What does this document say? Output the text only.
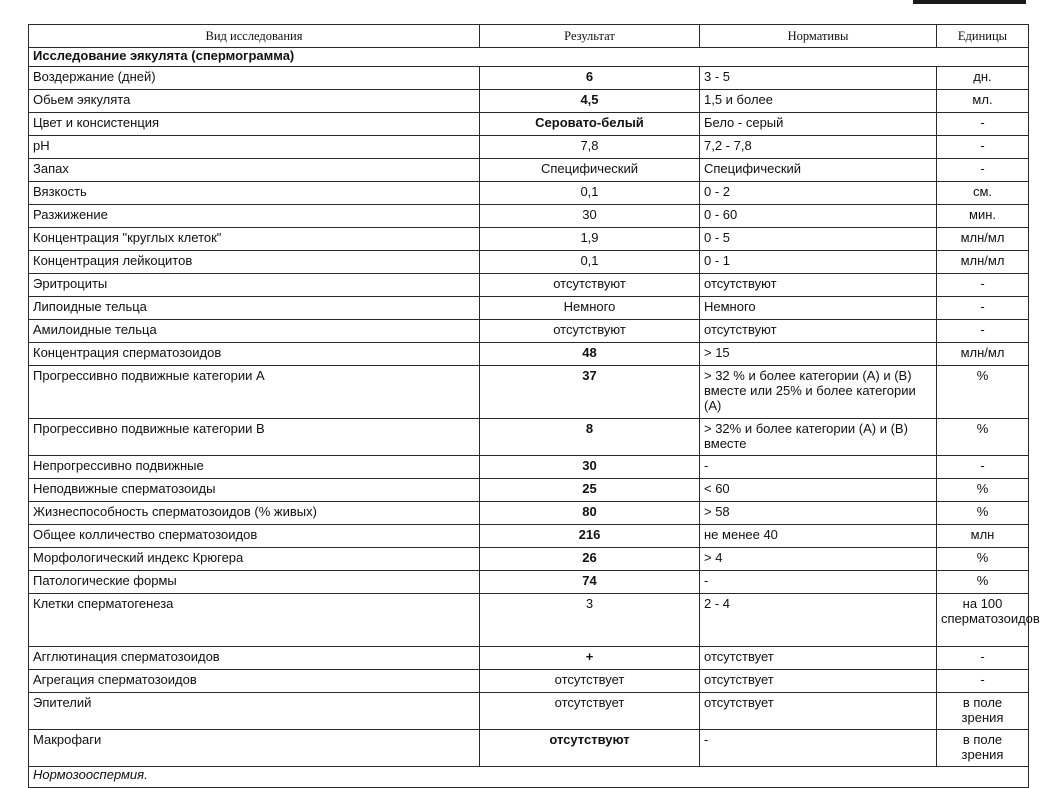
Вид исследования	Результат	Нормативы	Единицы
Исследование эякулята (спермограмма)			
Воздержание (дней)	6	3 - 5	дн.
Обьем эякулята	4,5	1,5 и более	мл.
Цвет и консистенция	Серовато-белый	Бело - серый	-
pH	7,8	7,2 - 7,8	-
Запах	Специфический	Специфический	-
Вязкость	0,1	0 - 2	см.
Разжижение	30	0 - 60	мин.
Концентрация "круглых клеток"	1,9	0 - 5	млн/мл
Концентрация лейкоцитов	0,1	0 - 1	млн/мл
Эритроциты	отсутствуют	отсутствуют	-
Липоидные тельца	Немного	Немного	-
Амилоидные тельца	отсутствуют	отсутствуют	-
Концентрация сперматозоидов	48	> 15	млн/мл
Прогрессивно подвижные категории А	37	> 32 % и более категории (А) и (В) вместе или 25% и более категории (А)	%
Прогрессивно подвижные категории В	8	> 32% и более категории (А) и (В) вместе	%
Непрогрессивно подвижные	30	-	-
Неподвижные сперматозоиды	25	< 60	%
Жизнеспособность сперматозоидов (% живых)	80	> 58	%
Общее колличество сперматозоидов	216	не менее 40	млн
Морфологический индекс Крюгера	26	> 4	%
Патологические формы	74	-	%
Клетки сперматогенеза	3	2 - 4	на 100 сперматозоидов
Агглютинация сперматозоидов	+	отсутствует	-
Агрегация сперматозоидов	отсутствует	отсутствует	-
Эпителий	отсутствует	отсутствует	в поле зрения
Макрофаги	отсутствуют	-	в поле зрения
Нормозооспермия.			
